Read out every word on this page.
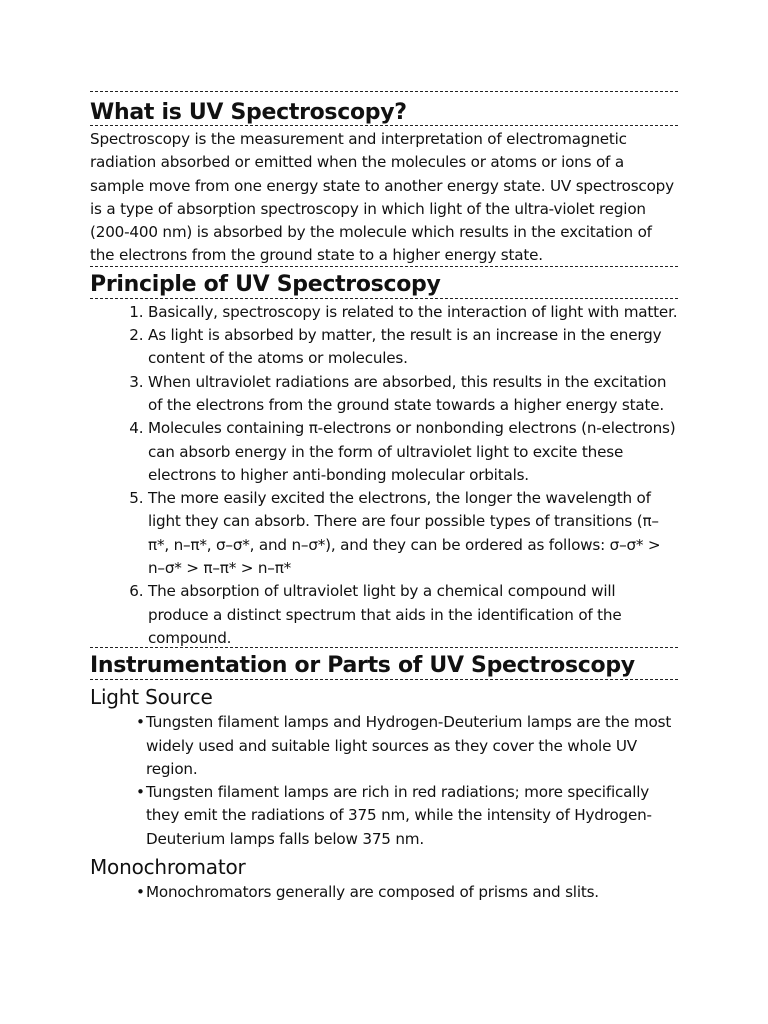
What is UV Spectroscopy?

Spectroscopy is the measurement and interpretation of electromagnetic radiation absorbed or emitted when the molecules or atoms or ions of a sample move from one energy state to another energy state. UV spectroscopy is a type of absorption spectroscopy in which light of the ultra-violet region (200-400 nm) is absorbed by the molecule which results in the excitation of the electrons from the ground state to a higher energy state.

Principle of UV Spectroscopy
1. Basically, spectroscopy is related to the interaction of light with matter.
2. As light is absorbed by matter, the result is an increase in the energy content of the atoms or molecules.
3. When ultraviolet radiations are absorbed, this results in the excitation of the electrons from the ground state towards a higher energy state.
4. Molecules containing π-electrons or nonbonding electrons (n-electrons) can absorb energy in the form of ultraviolet light to excite these electrons to higher anti-bonding molecular orbitals.
5. The more easily excited the electrons, the longer the wavelength of light they can absorb. There are four possible types of transitions (π–π*, n–π*, σ–σ*, and n–σ*), and they can be ordered as follows: σ–σ* > n–σ* > π–π* > n–π*
6. The absorption of ultraviolet light by a chemical compound will produce a distinct spectrum that aids in the identification of the compound.
Instrumentation or Parts of UV Spectroscopy
Light Source
•Tungsten filament lamps and Hydrogen-Deuterium lamps are the most widely used and suitable light sources as they cover the whole UV region.
•Tungsten filament lamps are rich in red radiations; more specifically they emit the radiations of 375 nm, while the intensity of Hydrogen-Deuterium lamps falls below 375 nm.
Monochromator
•Monochromators generally are composed of prisms and slits.
